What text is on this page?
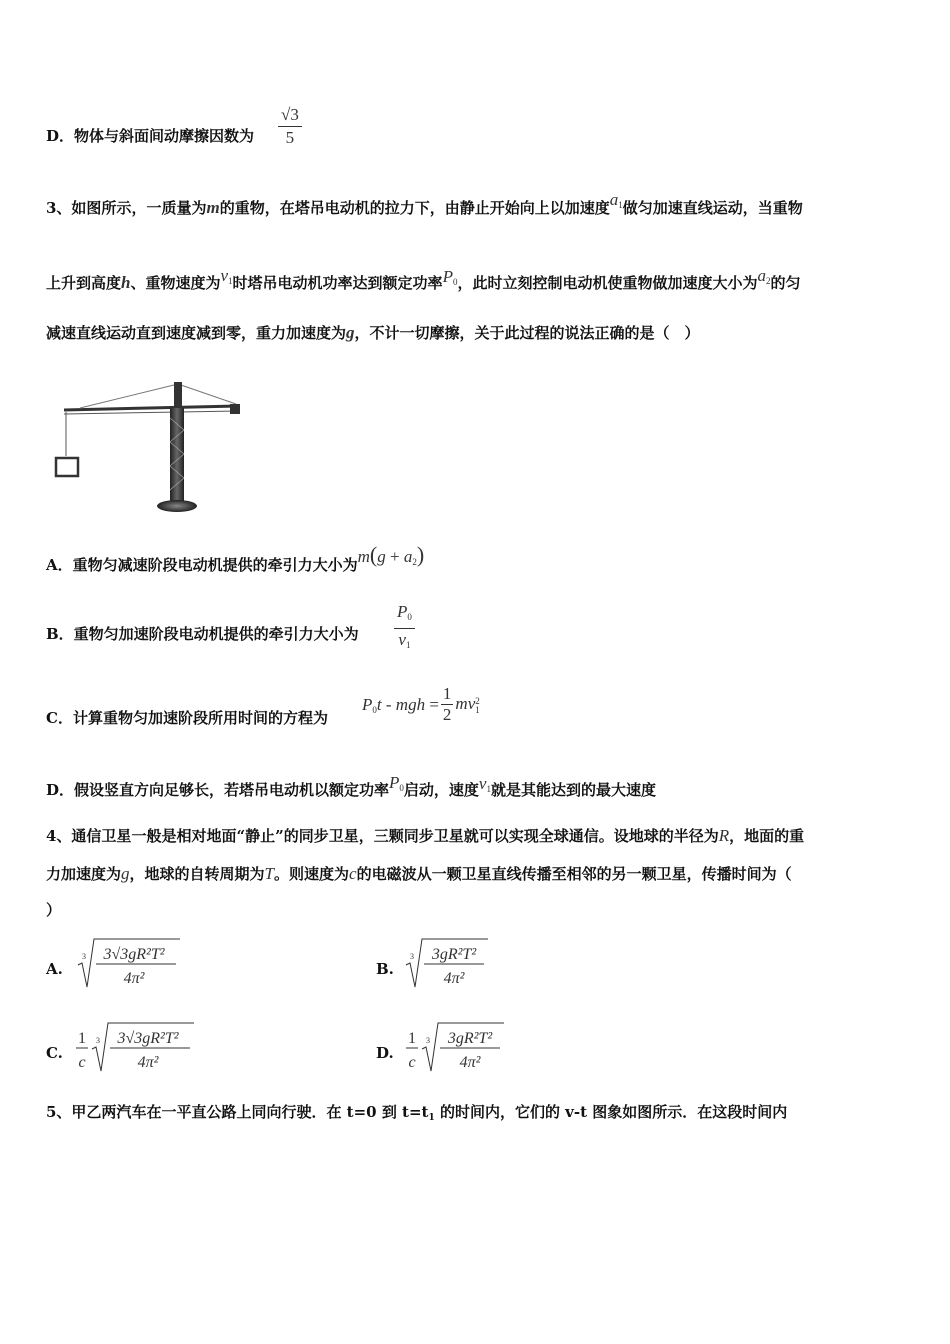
D．物体与斜面间动摩擦因数为 $\frac{√3}{5}$
3、如图所示，一质量为m的重物，在塔吊电动机的拉力下，由静止开始向上以加速度$a_1$做匀加速直线运动，当重物
上升到高度h、重物速度为$v_1$时塔吊电动机功率达到额定功率$P_0$，此时立刻控制电动机使重物做加速度大小为$a_2$的匀
减速直线运动直到速度减到零，重力加速度为g，不计一切摩擦，关于此过程的说法正确的是（　）
A．重物匀减速阶段电动机提供的牵引力大小为$m(g + a_2)$
B．重物匀加速阶段电动机提供的牵引力大小为
$P_0$
$v_1$
C．计算重物匀加速阶段所用时间的方程为
$P_0t$ - mgh =
1
2
mv2
1
D．假设竖直方向足够长，若塔吊电动机以额定功率$P_0$启动，速度$v_1$就是其能达到的最大速度
4、通信卫星一般是相对地面“静止”的同步卫星，三颗同步卫星就可以实现全球通信。设地球的半径为R，地面的重
力加速度为g，地球的自转周期为T。则速度为c的电磁波从一颗卫星直线传播至相邻的另一颗卫星，传播时间为（
）
A.
3 3√3gR²T²
4π²
B.
3 3gR²T²
4π²
C.
1
c
3 3√3gR²T²
4π²
D.
1
c
3 3gR²T²
4π²
5、甲乙两汽车在一平直公路上同向行驶．在 t=0 到 $t=t_1$ 的时间内，它们的 v-t 图象如图所示．在这段时间内
